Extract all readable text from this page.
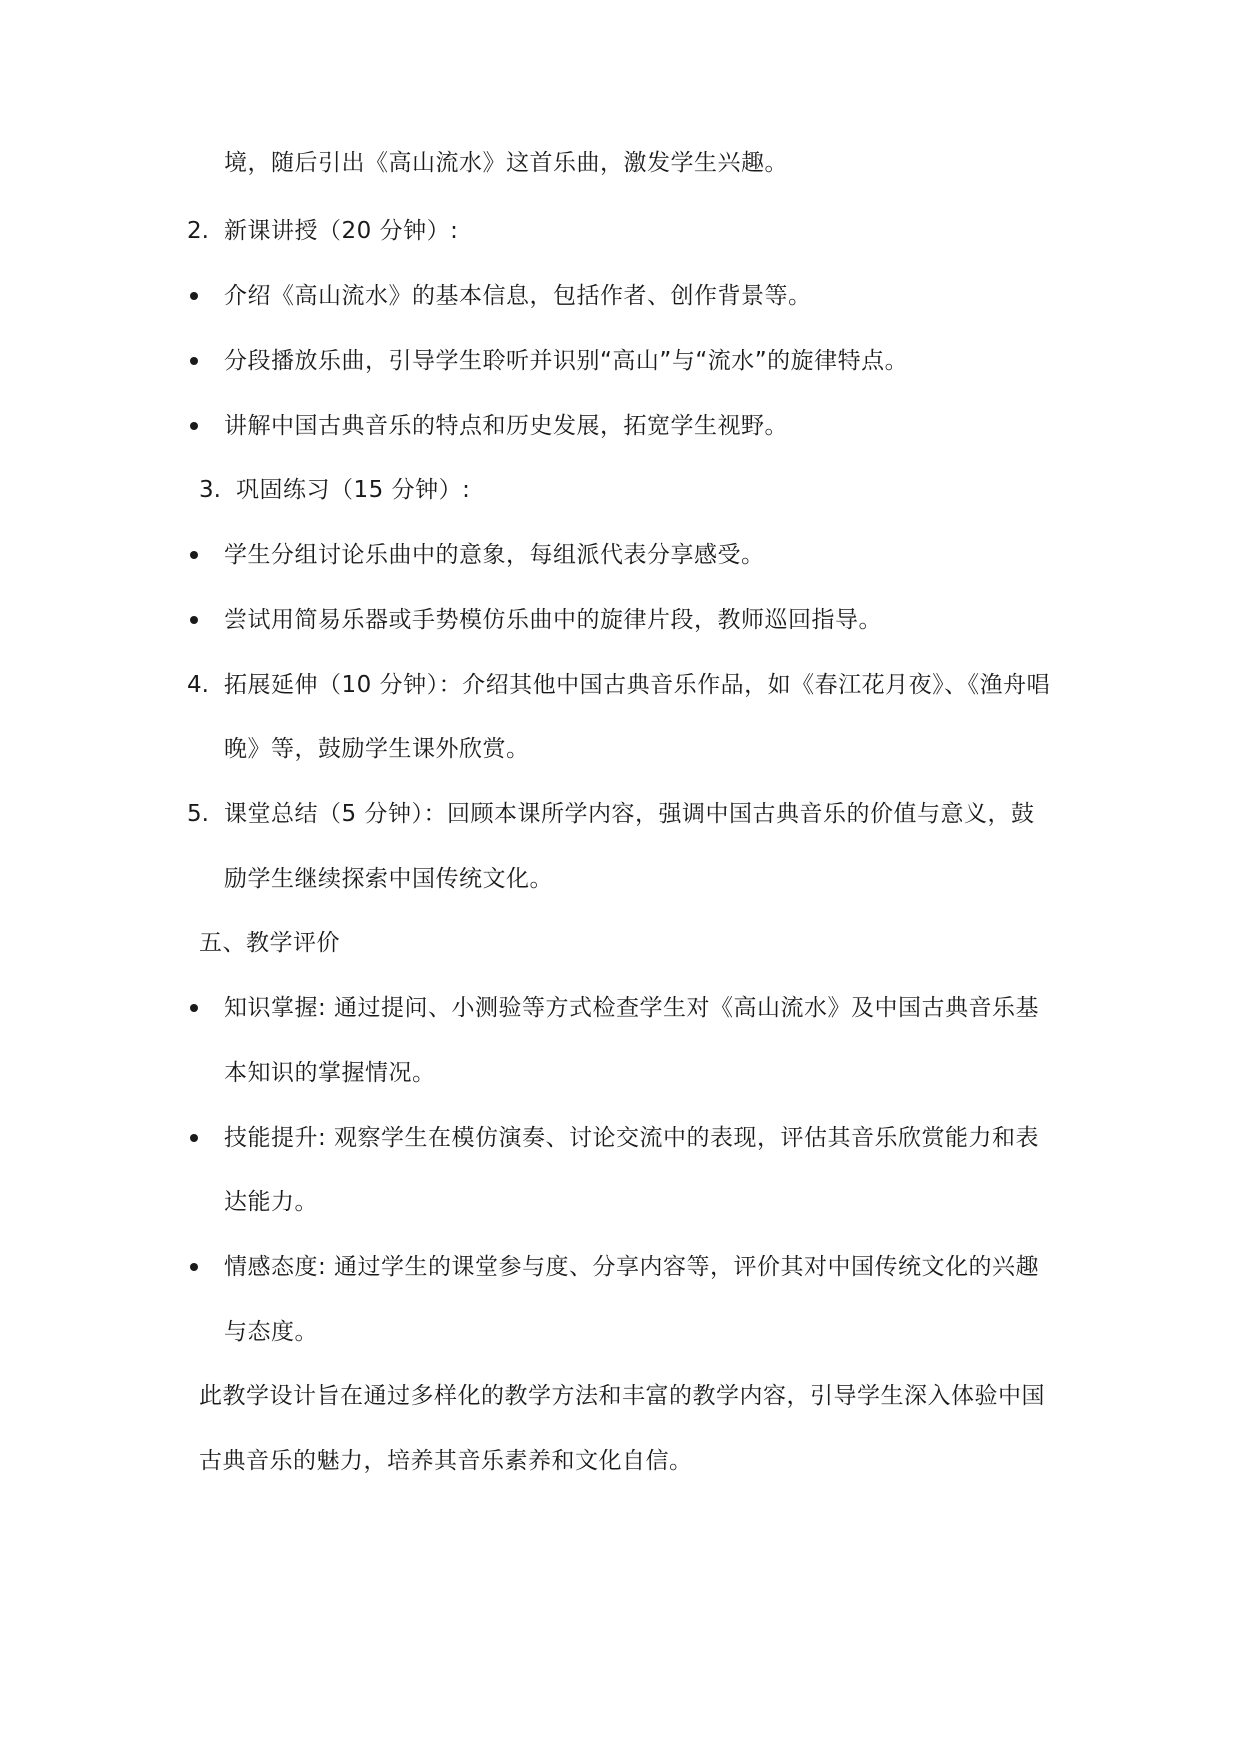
境，随后引出《高山流水》这首乐曲，激发学生兴趣。
2. 新课讲授（20 分钟）:
介绍《高山流水》的基本信息，包括作者、创作背景等。
分段播放乐曲，引导学生聆听并识别“高山”与“流水”的旋律特点。
讲解中国古典音乐的特点和历史发展，拓宽学生视野。
3. 巩固练习（15 分钟）:
学生分组讨论乐曲中的意象，每组派代表分享感受。
尝试用简易乐器或手势模仿乐曲中的旋律片段，教师巡回指导。
4. 拓展延伸（10 分钟）：介绍其他中国古典音乐作品，如《春江花月夜》、《渔舟唱
晚》等，鼓励学生课外欣赏。
5. 课堂总结（5 分钟）：回顾本课所学内容，强调中国古典音乐的价值与意义，鼓
励学生继续探索中国传统文化。
五、教学评价
知识掌握: 通过提问、小测验等方式检查学生对《高山流水》及中国古典音乐基
本知识的掌握情况。
技能提升: 观察学生在模仿演奏、讨论交流中的表现，评估其音乐欣赏能力和表
达能力。
情感态度: 通过学生的课堂参与度、分享内容等，评价其对中国传统文化的兴趣
与态度。
此教学设计旨在通过多样化的教学方法和丰富的教学内容，引导学生深入体验中国
古典音乐的魅力，培养其音乐素养和文化自信。
